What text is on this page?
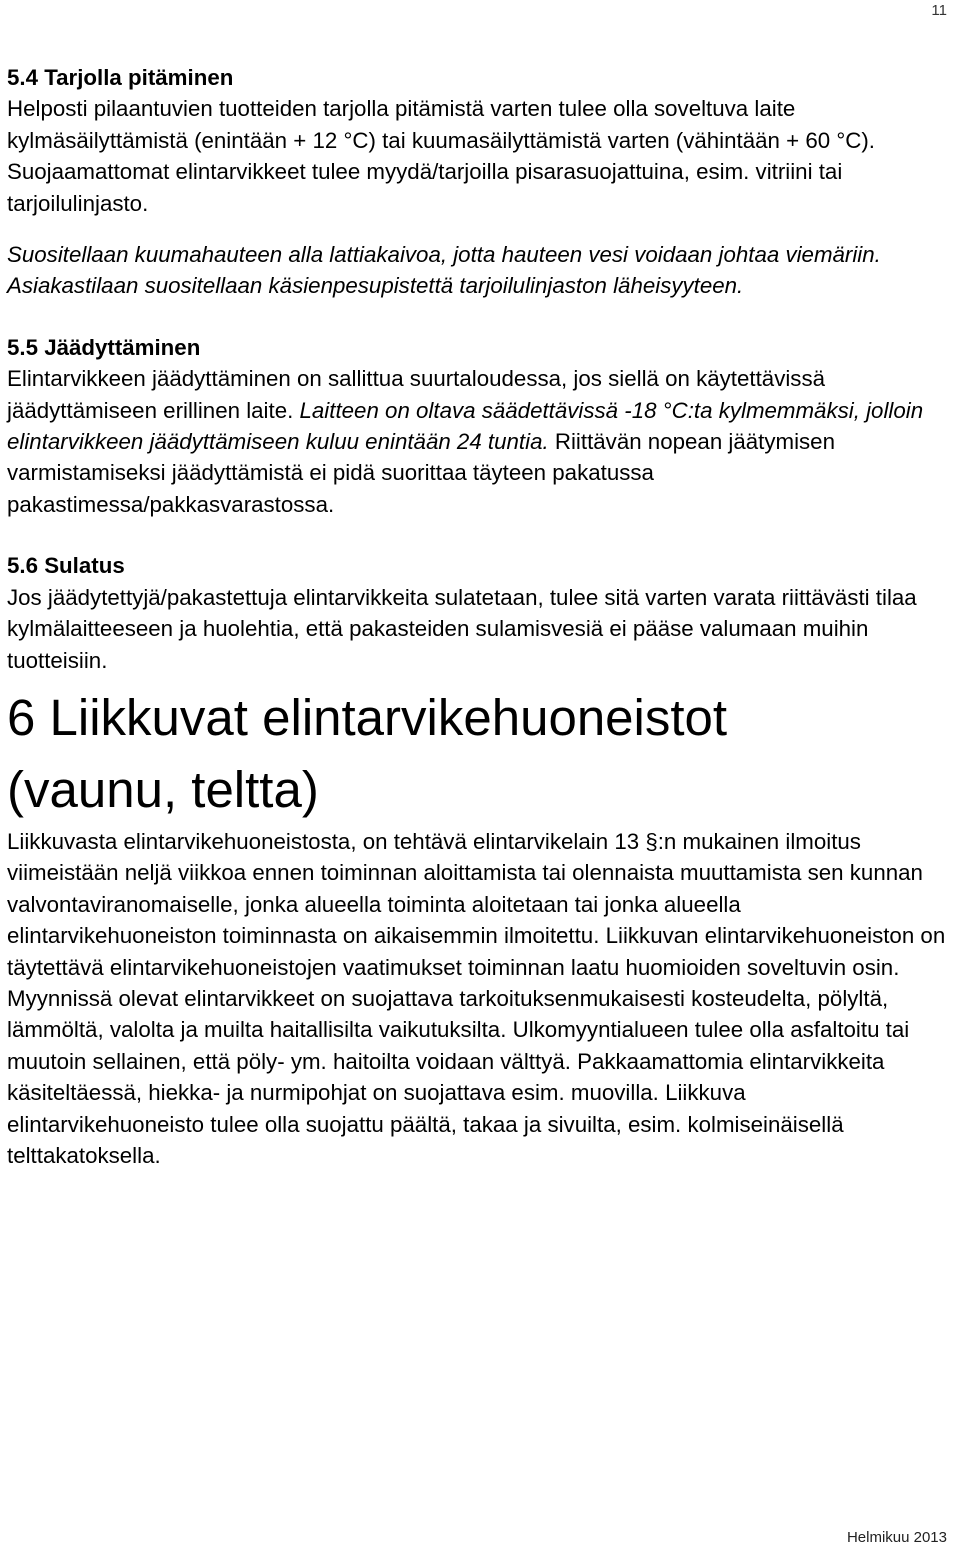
11
5.4 Tarjolla pitäminen

Helposti pilaantuvien tuotteiden tarjolla pitämistä varten tulee olla soveltuva laite kylmäsäilyttämistä (enintään + 12 °C) tai kuumasäilyttämistä varten (vähintään + 60 °C).

Suojaamattomat elintarvikkeet tulee myydä/tarjoilla pisarasuojattuina, esim. vitriini tai tarjoilulinjasto.

Suositellaan kuumahauteen alla lattiakaivoa, jotta hauteen vesi voidaan johtaa viemäriin. Asiakastilaan suositellaan käsienpesupistettä tarjoilulinjaston läheisyyteen.

5.5 Jäädyttäminen

Elintarvikkeen jäädyttäminen on sallittua suurtaloudessa, jos siellä on käytettävissä jäädyttämiseen erillinen laite. Laitteen on oltava säädettävissä -18 °C:ta kylmemmäksi, jolloin elintarvikkeen jäädyttämiseen kuluu enintään 24 tuntia. Riittävän nopean jäätymisen varmistamiseksi jäädyttämistä ei pidä suorittaa täyteen pakatussa pakastimessa/pakkasvarastossa.

5.6 Sulatus

Jos jäädytettyjä/pakastettuja elintarvikkeita sulatetaan, tulee sitä varten varata riittävästi tilaa kylmälaitteeseen ja huolehtia, että pakasteiden sulamisvesiä ei pääse valumaan muihin tuotteisiin.

6 Liikkuvat elintarvikehuoneistot
(vaunu, teltta)

Liikkuvasta elintarvikehuoneistosta, on tehtävä elintarvikelain 13 §:n mukainen ilmoitus viimeistään neljä viikkoa ennen toiminnan aloittamista tai olennaista muuttamista sen kunnan valvontaviranomaiselle, jonka alueella toiminta aloitetaan tai jonka alueella elintarvikehuoneiston toiminnasta on aikaisemmin ilmoitettu. Liikkuvan elintarvikehuoneiston on täytettävä elintarvikehuoneistojen vaatimukset toiminnan laatu huomioiden soveltuvin osin.

Myynnissä olevat elintarvikkeet on suojattava tarkoituksenmukaisesti kosteudelta, pölyltä, lämmöltä, valolta ja muilta haitallisilta vaikutuksilta. Ulkomyyntialueen tulee olla asfaltoitu tai muutoin sellainen, että pöly- ym. haitoilta voidaan välttyä. Pakkaamattomia elintarvikkeita käsiteltäessä, hiekka- ja nurmipohjat on suojattava esim. muovilla. Liikkuva elintarvikehuoneisto tulee olla suojattu päältä, takaa ja sivuilta, esim. kolmiseinäisellä telttakatoksella.

Helmikuu 2013
